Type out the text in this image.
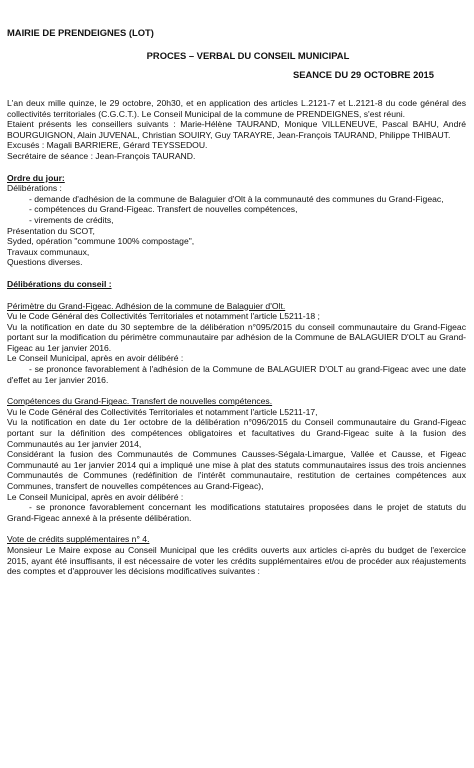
MAIRIE DE PRENDEIGNES (LOT)
PROCES – VERBAL DU CONSEIL MUNICIPAL
SEANCE DU 29 OCTOBRE 2015

L'an deux mille quinze, le 29 octobre, 20h30, et en application des articles L.2121-7 et L.2121-8 du code général des collectivités territoriales (C.G.C.T.). Le Conseil Municipal de la commune de PRENDEIGNES, s'est réuni.

Etaient présents les conseillers suivants : Marie-Hélène TAURAND, Monique VILLENEUVE, Pascal BAHU, André BOURGUIGNON, Alain JUVENAL, Christian SOUIRY, Guy TARAYRE, Jean-François TAURAND, Philippe THIBAUT.

Excusés : Magali BARRIERE, Gérard TEYSSEDOU.

Secrétaire de séance : Jean-François TAURAND.

Ordre du jour:

Délibérations :

- demande d'adhésion de la commune de Balaguier d'Olt à la communauté des communes du Grand-Figeac,

- compétences du Grand-Figeac. Transfert de nouvelles compétences,

- virements de crédits,

Présentation du SCOT,

Syded, opération "commune 100% compostage",

Travaux communaux,

Questions diverses.

Délibérations du conseil :

Périmètre du Grand-Figeac. Adhésion de la commune de Balaguier d'Olt.

Vu le Code Général des Collectivités Territoriales et notamment l'article L5211-18 ;

Vu la notification en date du 30 septembre de la délibération n°095/2015 du conseil communautaire du Grand-Figeac portant sur la modification du périmètre communautaire par adhésion de la Commune de BALAGUIER D'OLT au Grand-Figeac au 1er janvier 2016.

Le Conseil Municipal, après en avoir délibéré :

- se prononce favorablement à l'adhésion de la Commune de BALAGUIER D'OLT au grand-Figeac avec une date d'effet au 1er janvier 2016.

Compétences du Grand-Figeac. Transfert de nouvelles compétences.

Vu le Code Général des Collectivités Territoriales et notamment l'article L5211-17,

Vu la notification en date du 1er octobre de la délibération n°096/2015 du Conseil communautaire du Grand-Figeac portant sur la définition des compétences obligatoires et facultatives du Grand-Figeac suite à la fusion des Communautés au 1er janvier 2014,

Considérant la fusion des Communautés de Communes Causses-Ségala-Limargue, Vallée et Causse, et Figeac Communauté au 1er janvier 2014 qui a impliqué une mise à plat des statuts communautaires issus des trois anciennes Communautés de Communes (redéfinition de l'intérêt communautaire, restitution de certaines compétences aux Communes, transfert de nouvelles compétences au Grand-Figeac),

Le Conseil Municipal, après en avoir délibéré :

- se prononce favorablement concernant les modifications statutaires proposées dans le projet de statuts du Grand-Figeac annexé à la présente délibération.

Vote de crédits supplémentaires n° 4.

Monsieur Le Maire expose au Conseil Municipal que les crédits ouverts aux articles ci-après du budget de l'exercice 2015, ayant été insuffisants, il est nécessaire de voter les crédits supplémentaires et/ou de procéder aux réajustements des comptes et d'approuver les décisions modificatives suivantes :
